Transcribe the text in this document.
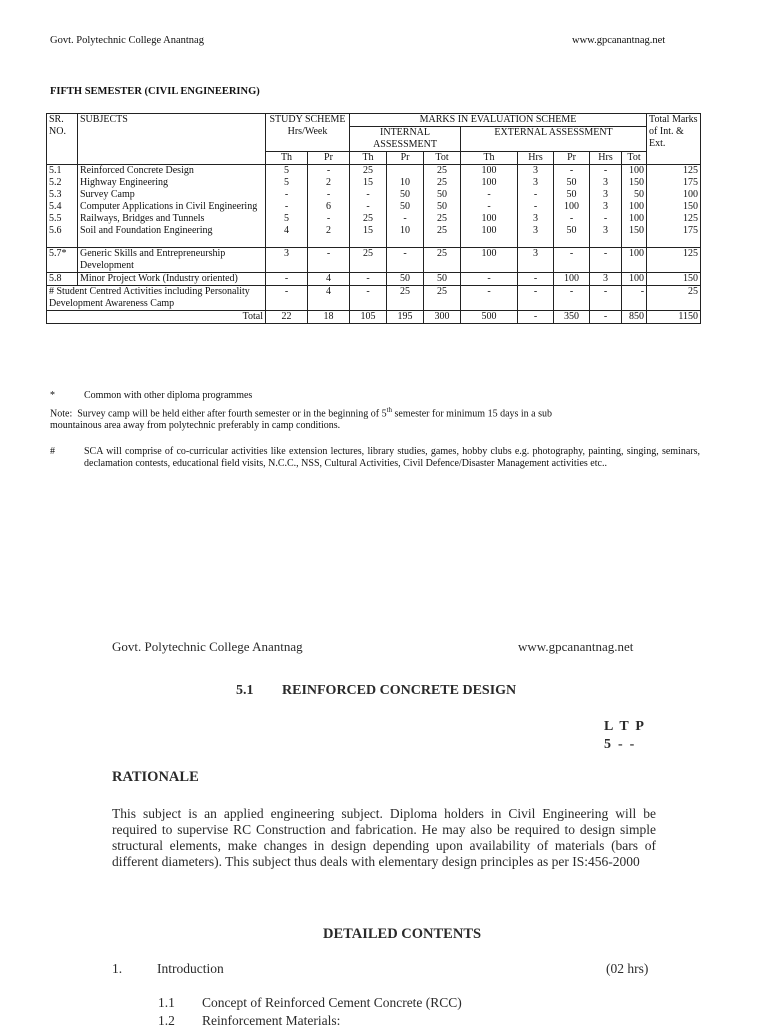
Govt. Polytechnic College Anantnag	www.gpcanantnag.net
FIFTH SEMESTER (CIVIL ENGINEERING)
SR. NO.	SUBJECTS	STUDY SCHEME Hrs/Week		MARKS IN EVALUATION SCHEME								Total Marks of Int. & Ext.
				INTERNAL ASSESSMENT			EXTERNAL ASSESSMENT					
		Th	Pr	Th	Pr	Tot	Th	Hrs	Pr	Hrs	Tot	
5.1	Reinforced Concrete Design	5	-	25		25	100	3	-	-	100	125
5.2	Highway Engineering	5	2	15	10	25	100	3	50	3	150	175
5.3	Survey Camp	-	-	-	50	50	-	-	50	3	50	100
5.4	Computer Applications in Civil Engineering	-	6	-	50	50	-	-	100	3	100	150
5.5	Railways, Bridges and Tunnels	5	-	25	-	25	100	3	-	-	100	125
5.6	Soil and Foundation Engineering	4	2	15	10	25	100	3	50	3	150	175

5.7*	Generic Skills and Entrepreneurship Development	3	-	25	-	25	100	3	-	-	100	125
5.8	Minor Project Work (Industry oriented)	-	4	-	50	50	-	-	100	3	100	150
# Student Centred Activities including Personality Development Awareness Camp		-	4	-	25	25	-	-	-	-	-	25
Total		22	18	105	195	300	500	-	350	-	850	1150
*	Common with other diploma programmes
Note: Survey camp will be held either after fourth semester or in the beginning of 5th semester for minimum 15 days in a sub
mountainous area away from polytechnic preferably in camp conditions.
#	SCA will comprise of co-curricular activities like extension lectures, library studies, games, hobby clubs e.g. photography, painting, singing, seminars, declamation contests, educational field visits, N.C.C., NSS, Cultural Activities, Civil Defence/Disaster Management activities etc..
Govt. Polytechnic College Anantnag	www.gpcanantnag.net
5.1 REINFORCED CONCRETE DESIGN
L  T  P
5  -  -
RATIONALE
This subject is an applied engineering subject. Diploma holders in Civil Engineering will be required to supervise RC Construction and fabrication. He may also be required to design simple structural elements, make changes in design depending upon availability of materials (bars of different diameters). This subject thus deals with elementary design principles as per IS:456-2000
DETAILED CONTENTS
1.	Introduction	(02 hrs)
1.1 Concept of Reinforced Cement Concrete (RCC)
1.2 Reinforcement Materials:
